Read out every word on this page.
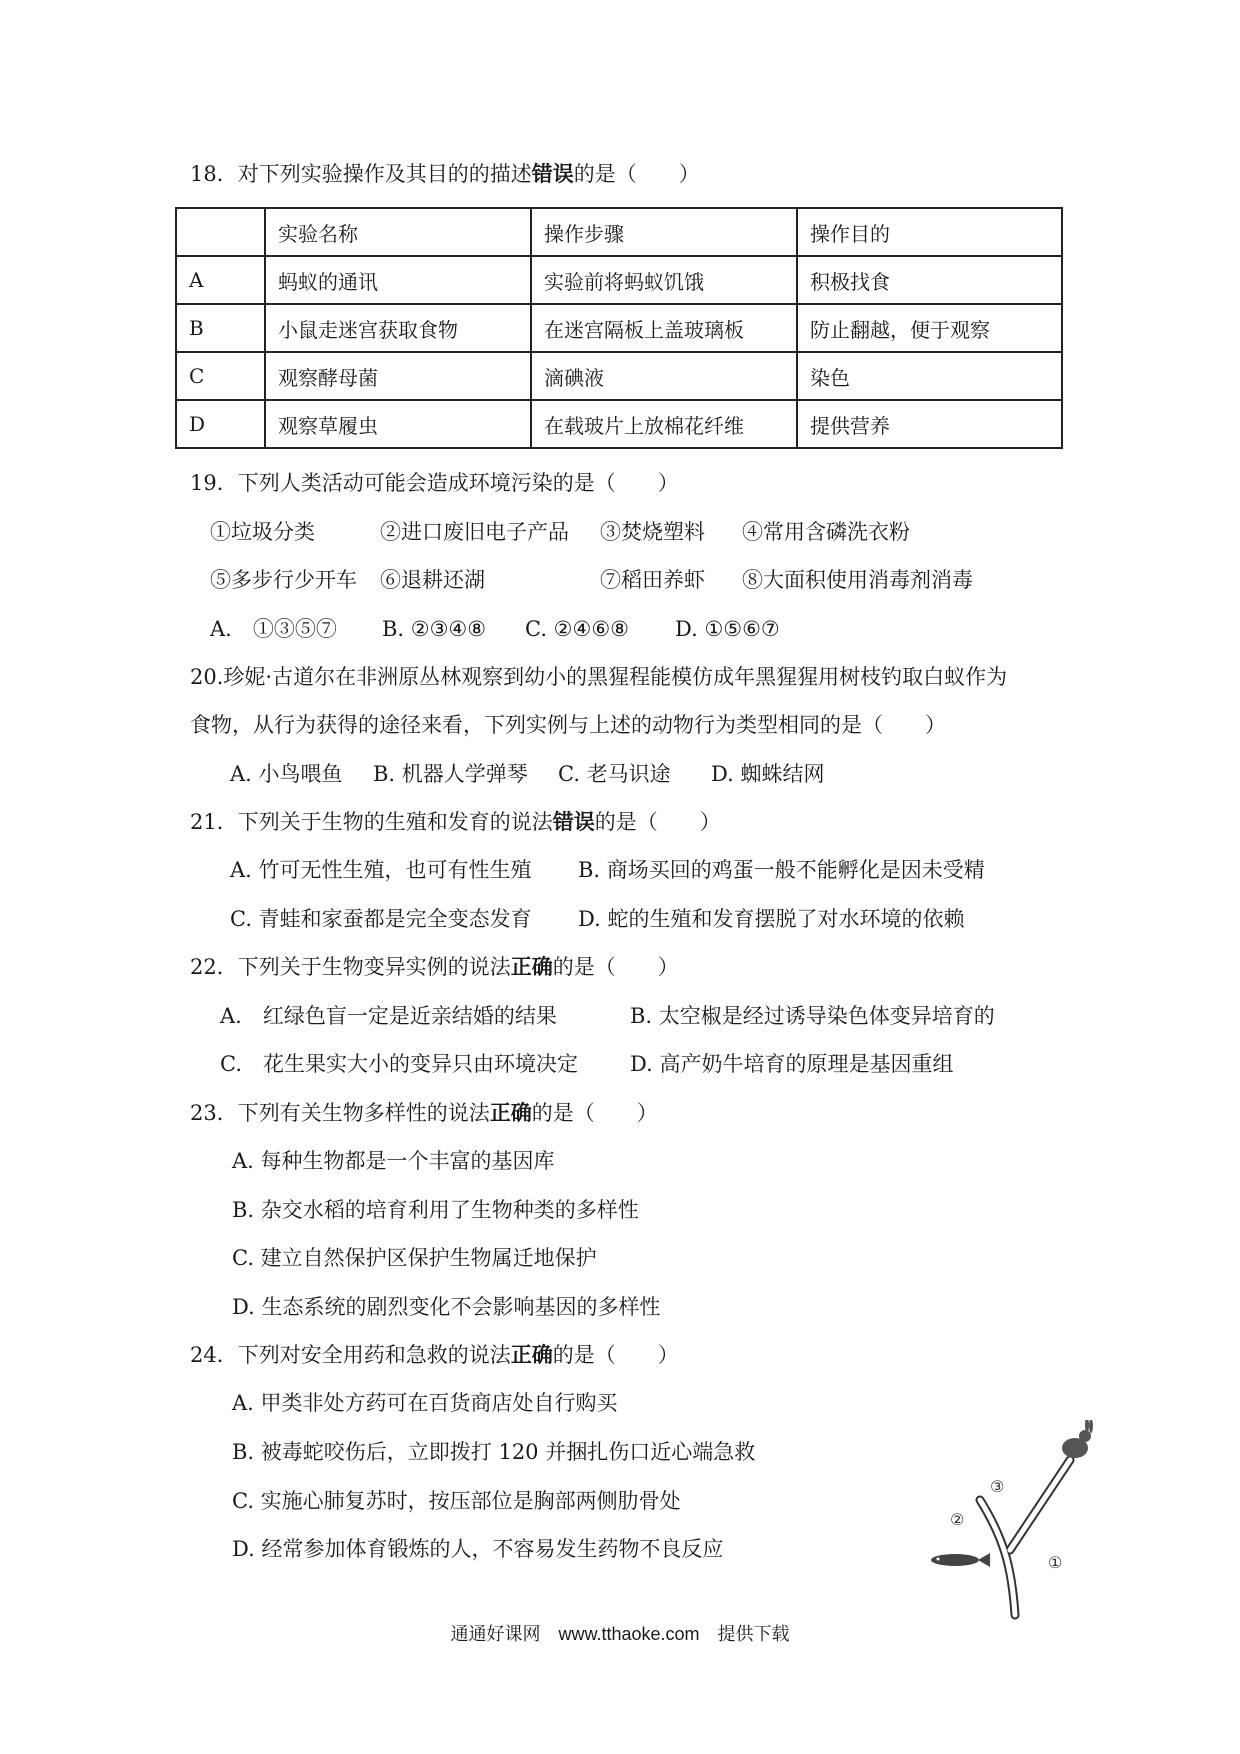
18．对下列实验操作及其目的的描述错误的是（　　）
	实验名称	操作步骤	操作目的
A	蚂蚁的通讯	实验前将蚂蚁饥饿	积极找食
B	小鼠走迷宫获取食物	在迷宫隔板上盖玻璃板	防止翻越，便于观察
C	观察酵母菌	滴碘液	染色
D	观察草履虫	在载玻片上放棉花纤维	提供营养
19．下列人类活动可能会造成环境污染的是（　　）
①垃圾分类	②进口废旧电子产品 ③焚烧塑料 ④常用含磷洗衣粉
⑤多步行少开车 ⑥退耕还湖	⑦稻田养虾 ⑧大面积使用消毒剂消毒
A.　①③⑤⑦ B. ②③④⑧ C. ②④⑥⑧ D. ①⑤⑥⑦
20.珍妮·古道尔在非洲原丛林观察到幼小的黑猩程能模仿成年黑猩猩用树枝钓取白蚁作为
食物，从行为获得的途径来看，下列实例与上述的动物行为类型相同的是（　　）
A. 小鸟喂鱼 B. 机器人学弹琴 C. 老马识途 D. 蜘蛛结网
21．下列关于生物的生殖和发育的说法错误的是（　　）
A. 竹可无性生殖，也可有性生殖 B. 商场买回的鸡蛋一般不能孵化是因未受精
C. 青蛙和家蚕都是完全变态发育 D. 蛇的生殖和发育摆脱了对水环境的依赖
22．下列关于生物变异实例的说法正确的是（　　）
A.　红绿色盲一定是近亲结婚的结果	B. 太空椒是经过诱导染色体变异培育的
C.　花生果实大小的变异只由环境决定 D. 高产奶牛培育的原理是基因重组
23．下列有关生物多样性的说法正确的是（　　）
A. 每种生物都是一个丰富的基因库
B. 杂交水稻的培育利用了生物种类的多样性
C. 建立自然保护区保护生物属迁地保护
D. 生态系统的剧烈变化不会影响基因的多样性
24．下列对安全用药和急救的说法正确的是（　　）
A. 甲类非处方药可在百货商店处自行购买
B. 被毒蛇咬伤后，立即拨打 120 并捆扎伤口近心端急救
C. 实施心肺复苏时，按压部位是胸部两侧肋骨处
D. 经常参加体育锻炼的人，不容易发生药物不良反应
②
③
①
通通好课网　www.tthaoke.com　提供下载
